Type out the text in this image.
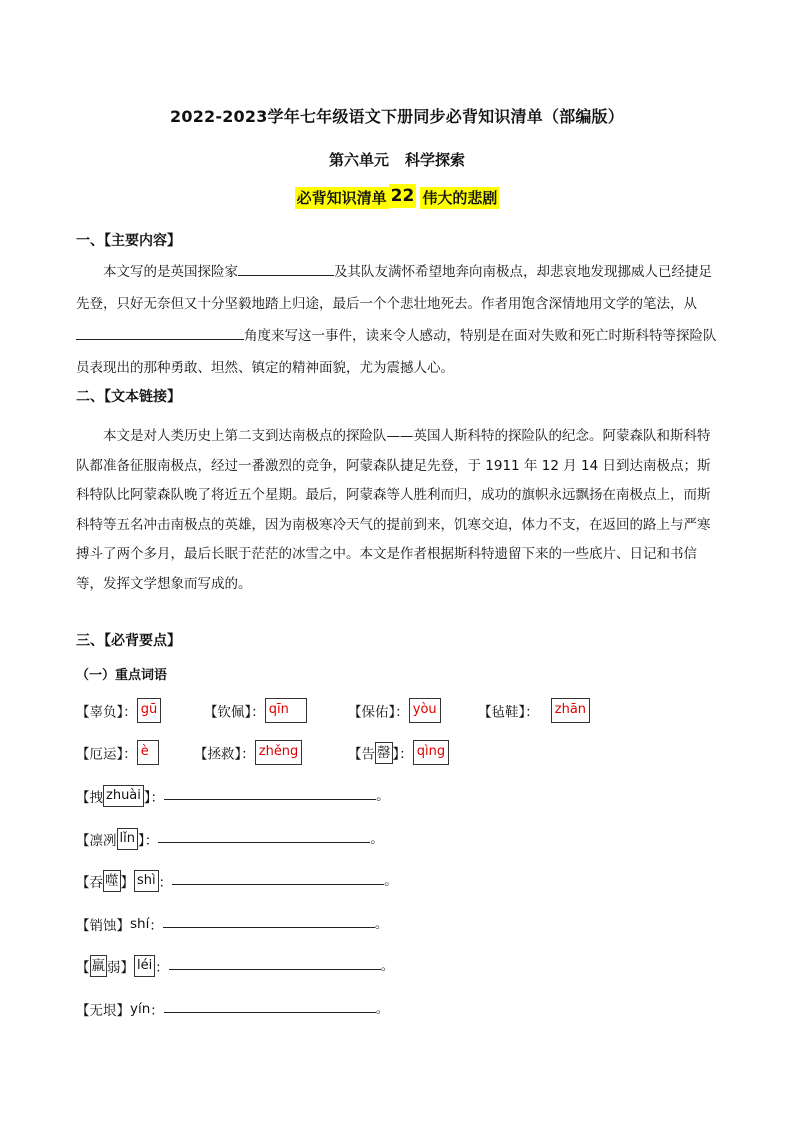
2022-2023学年七年级语文下册同步必背知识清单（部编版）
第六单元 科学探索
必背知识清单 22 伟大的悲剧
一、【主要内容】

本文写的是英国探险家	及其队友满怀希望地奔向南极点，却悲哀地发现挪威人已经捷足先登，只好无奈但又十分坚毅地踏上归途，最后一个个悲壮地死去。作者用饱含深情地用文学的笔法，从角度来写这一事件，读来令人感动，特别是在面对失败和死亡时斯科特等探险队员表现出的那种勇敢、坦然、镇定的精神面貌，尤为震撼人心。

二、【文本链接】

本文是对人类历史上第二支到达南极点的探险队——英国人斯科特的探险队的纪念。阿蒙森队和斯科特队都准备征服南极点，经过一番激烈的竞争，阿蒙森队捷足先登，于 1911 年 12 月 14 日到达南极点；斯科特队比阿蒙森队晚了将近五个星期。最后，阿蒙森等人胜利而归，成功的旗帜永远飘扬在南极点上，而斯科特等五名冲击南极点的英雄，因为南极寒冷天气的提前到来，饥寒交迫，体力不支，在返回的路上与严寒搏斗了两个多月，最后长眠于茫茫的冰雪之中。本文是作者根据斯科特遗留下来的一些底片、日记和书信等，发挥文学想象而写成的。

三、【必背要点】
（一）重点词语
【辜负】： gū	【钦佩】： qīn	【保佑】： yòu	【毡鞋】： zhān
【厄运】： è	【拯救】： zhěng	【告 罄 】： qìng
【拽 zhuài 】：	。
【凛冽 lǐn 】：	。
【吞 噬 】 shì ：	。
【销蚀】shí：	。
【 羸 弱】 léi ：	。
【无垠】yín：	。
